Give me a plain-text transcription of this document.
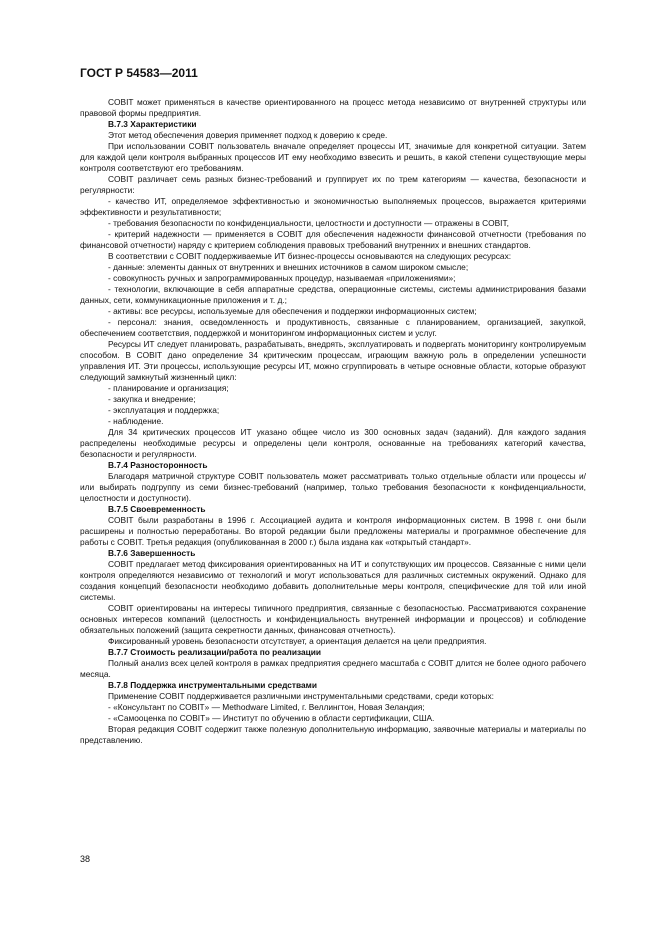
ГОСТ Р 54583—2011

COBIT может применяться в качестве ориентированного на процесс метода независимо от внутренней структуры или правовой формы предприятия.

В.7.3 Характеристики

Этот метод обеспечения доверия применяет подход к доверию к среде.

При использовании COBIT пользователь вначале определяет процессы ИТ, значимые для конкретной ситуации. Затем для каждой цели контроля выбранных процессов ИТ ему необходимо взвесить и решить, в какой степени существующие меры контроля соответствуют его требованиям.

COBIT различает семь разных бизнес-требований и группирует их по трем категориям — качества, безопасности и регулярности:

- качество ИТ, определяемое эффективностью и экономичностью выполняемых процессов, выражается критериями эффективности и результативности;

- требования безопасности по конфиденциальности, целостности и доступности — отражены в COBIT,

- критерий надежности — применяется в COBIT для обеспечения надежности финансовой отчетности (требования по финансовой отчетности) наряду с критерием соблюдения правовых требований внутренних и внешних стандартов.

В соответствии с COBIT поддерживаемые ИТ бизнес-процессы основываются на следующих ресурсах:

- данные: элементы данных от внутренних и внешних источников в самом широком смысле;

- совокупность ручных и запрограммированных процедур, называемая «приложениями»;

- технологии, включающие в себя аппаратные средства, операционные системы, системы администрирования базами данных, сети, коммуникационные приложения и т. д.;

- активы: все ресурсы, используемые для обеспечения и поддержки информационных систем;

- персонал: знания, осведомленность и продуктивность, связанные с планированием, организацией, закупкой, обеспечением соответствия, поддержкой и мониторингом информационных систем и услуг.

Ресурсы ИТ следует планировать, разрабатывать, внедрять, эксплуатировать и подвергать мониторингу контролируемым способом. В COBIT дано определение 34 критическим процессам, играющим важную роль в определении успешности управления ИТ. Эти процессы, использующие ресурсы ИТ, можно сгруппировать в четыре основные области, которые образуют следующий замкнутый жизненный цикл:

- планирование и организация;

- закупка и внедрение;

- эксплуатация и поддержка;

- наблюдение.

Для 34 критических процессов ИТ указано общее число из 300 основных задач (заданий). Для каждого задания распределены необходимые ресурсы и определены цели контроля, основанные на требованиях категорий качества, безопасности и регулярности.

В.7.4 Разносторонность

Благодаря матричной структуре COBIT пользователь может рассматривать только отдельные области или процессы и/или выбирать подгруппу из семи бизнес-требований (например, только требования безопасности к конфиденциальности, целостности и доступности).

В.7.5 Своевременность

COBIT были разработаны в 1996 г. Ассоциацией аудита и контроля информационных систем. В 1998 г. они были расширены и полностью переработаны. Во второй редакции были предложены материалы и программное обеспечение для работы с COBIT. Третья редакция (опубликованная в 2000 г.) была издана как «открытый стандарт».

В.7.6 Завершенность

COBIT предлагает метод фиксирования ориентированных на ИТ и сопутствующих им процессов. Связанные с ними цели контроля определяются независимо от технологий и могут использоваться для различных системных окружений. Однако для создания концепций безопасности необходимо добавить дополнительные меры контроля, специфические для той или иной системы.

COBIT ориентированы на интересы типичного предприятия, связанные с безопасностью. Рассматриваются сохранение основных интересов компаний (целостность и конфиденциальность внутренней информации и процессов) и соблюдение обязательных положений (защита секретности данных, финансовая отчетность).

Фиксированный уровень безопасности отсутствует, а ориентация делается на цели предприятия.

В.7.7 Стоимость реализации/работа по реализации

Полный анализ всех целей контроля в рамках предприятия среднего масштаба с COBIT длится не более одного рабочего месяца.

В.7.8 Поддержка инструментальными средствами

Применение COBIT поддерживается различными инструментальными средствами, среди которых:

- «Консультант по COBIT» — Methodware Limited, г. Веллингтон, Новая Зеландия;

- «Самооценка по COBIT» — Институт по обучению в области сертификации, США.

Вторая редакция COBIT содержит также полезную дополнительную информацию, заявочные материалы и материалы по представлению.

38
